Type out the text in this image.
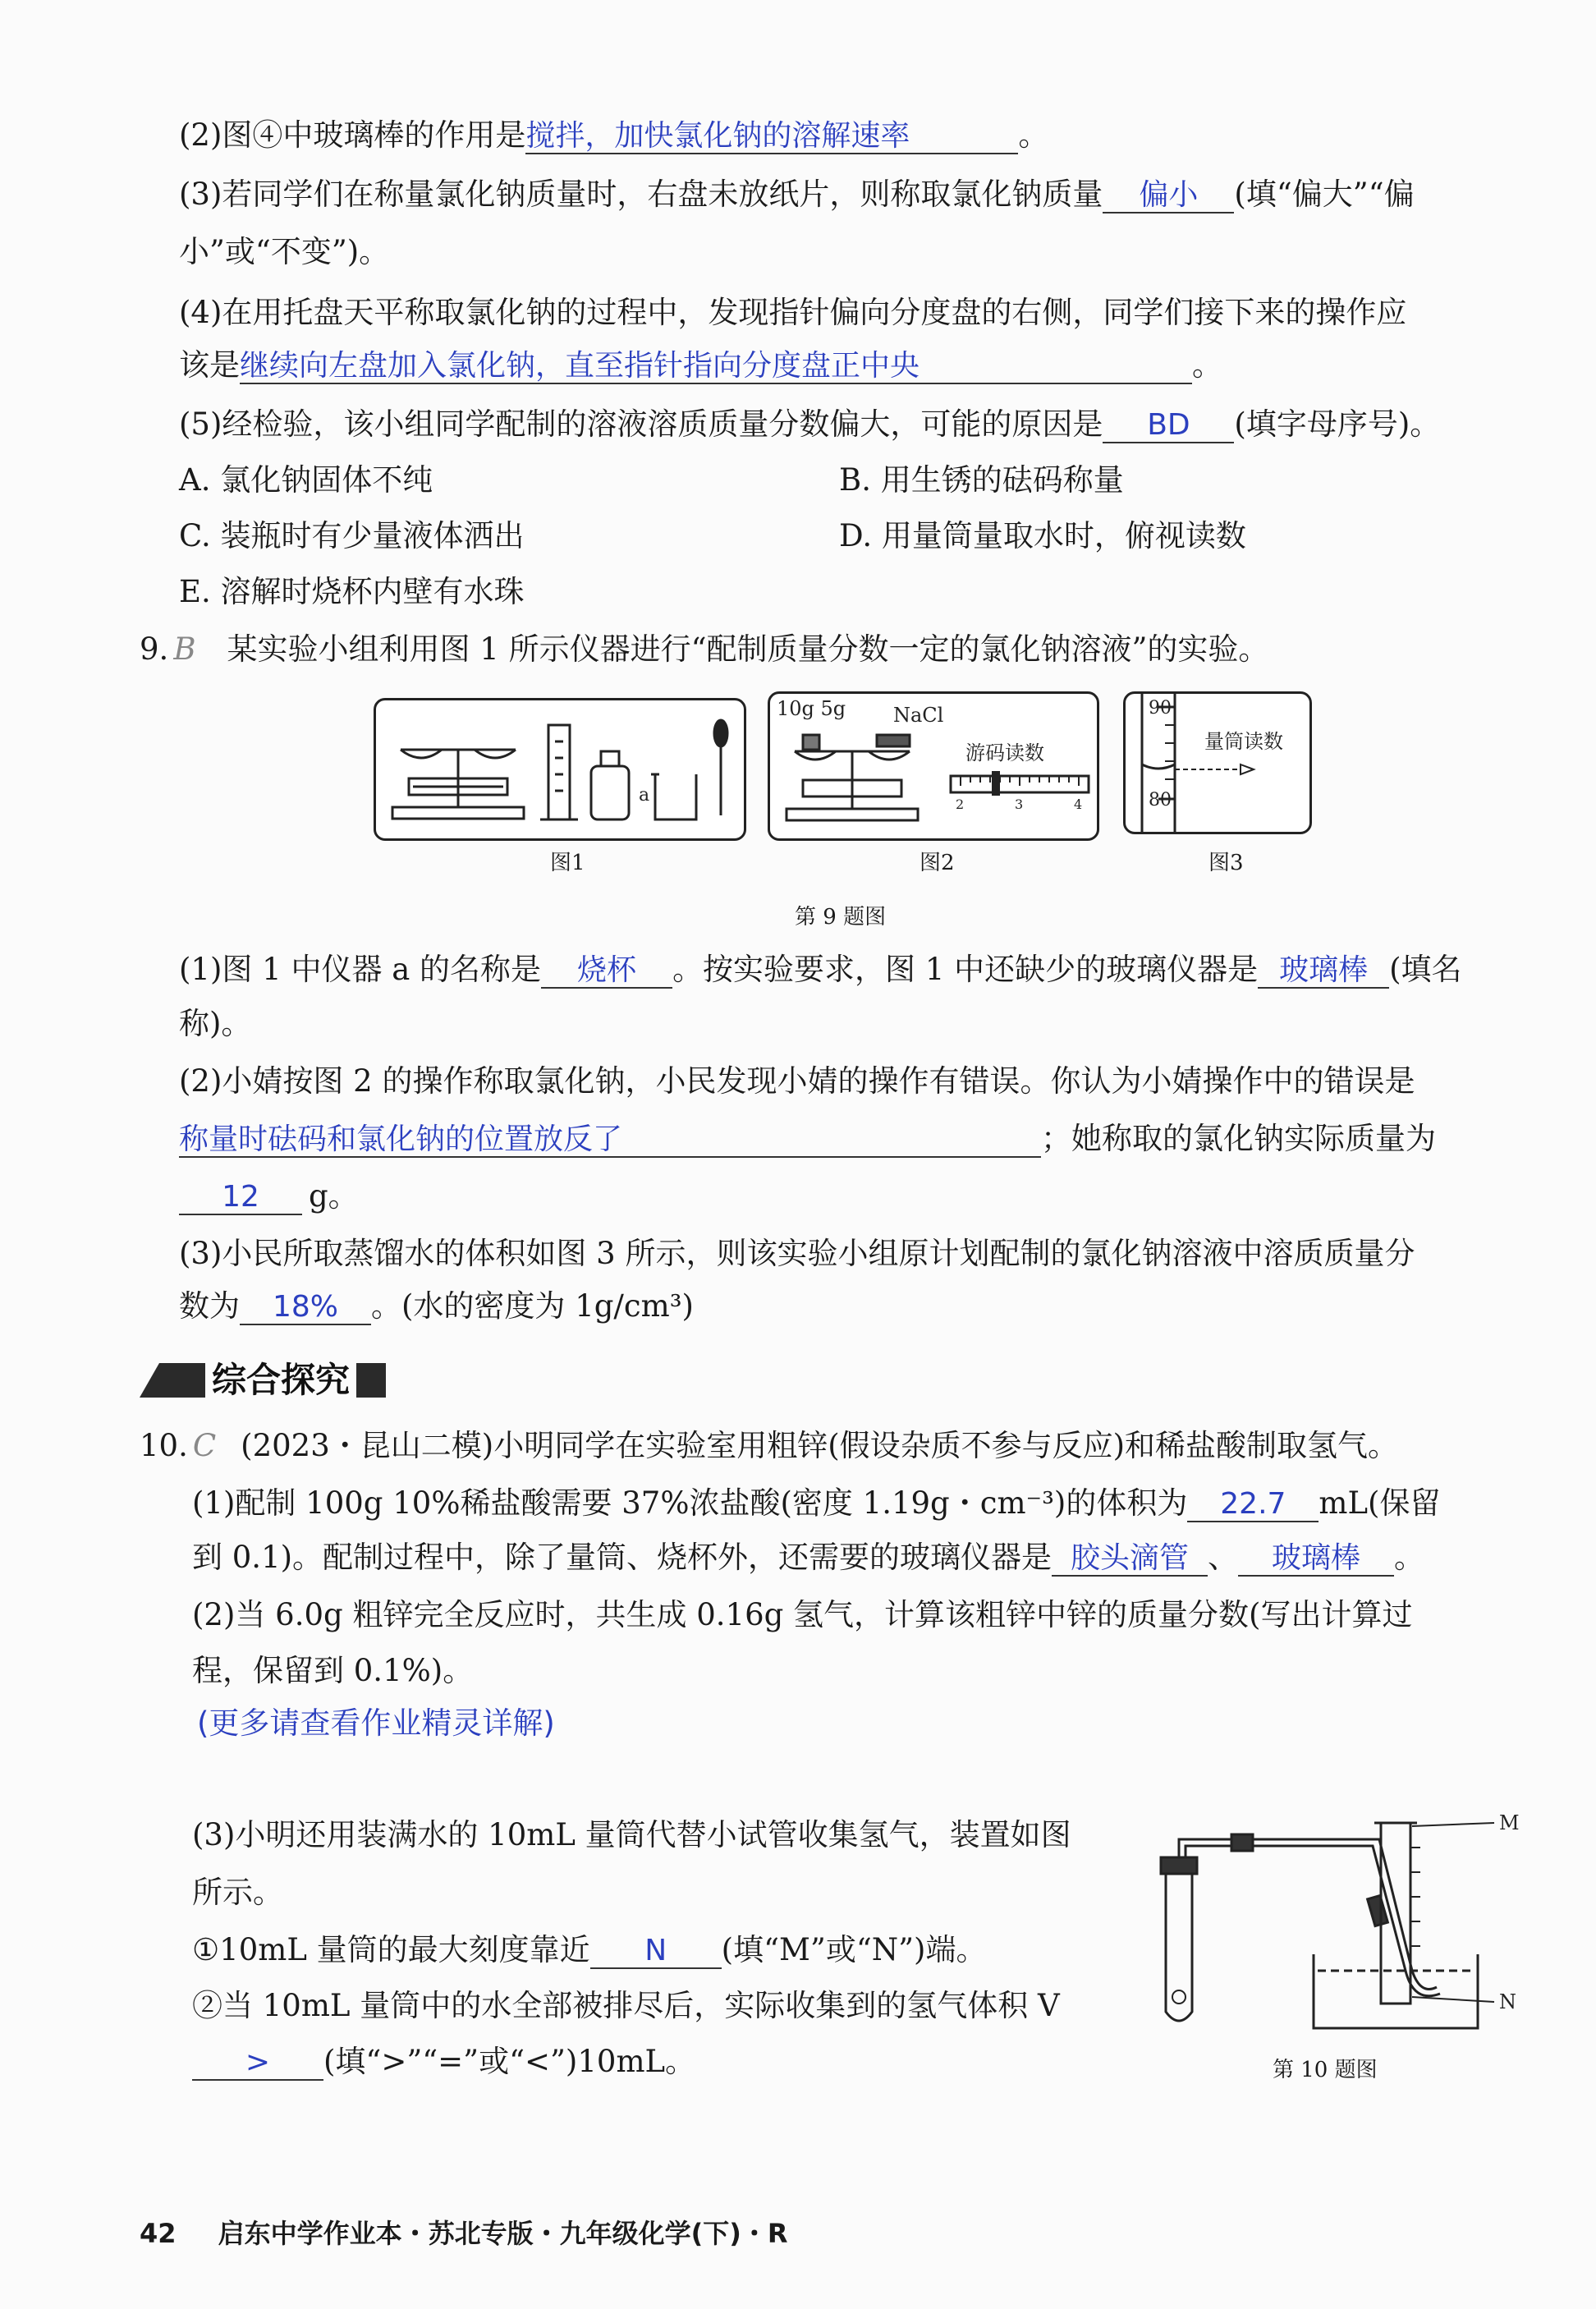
(2)图④中玻璃棒的作用是搅拌，加快氯化钠的溶解速率	。
(3)若同学们在称量氯化钠质量时，右盘未放纸片，则称取氯化钠质量 偏小 (填“偏大”“偏
小”或“不变”)。
(4)在用托盘天平称取氯化钠的过程中，发现指针偏向分度盘的右侧，同学们接下来的操作应
该是继续向左盘加入氯化钠，直至指针指向分度盘正中央	。
(5)经检验，该小组同学配制的溶液溶质质量分数偏大，可能的原因是 BD (填字母序号)。
A. 氯化钠固体不纯	B. 用生锈的砝码称量
C. 装瓶时有少量液体洒出	D. 用量筒量取水时，俯视读数
E. 溶解时烧杯内壁有水珠
9. B 某实验小组利用图 1 所示仪器进行“配制质量分数一定的氯化钠溶液”的实验。
a
图1
10g 5g NaCl
游码读数
2	3	4
图2
90
80
量筒读数
图3
第 9 题图
(1)图 1 中仪器 a 的名称是 烧杯 。按实验要求，图 1 中还缺少的玻璃仪器是 玻璃棒 (填名
称)。
(2)小婧按图 2 的操作称取氯化钠，小民发现小婧的操作有错误。你认为小婧操作中的错误是
称量时砝码和氯化钠的位置放反了	；她称取的氯化钠实际质量为
12 g。
(3)小民所取蒸馏水的体积如图 3 所示，则该实验小组原计划配制的氯化钠溶液中溶质质量分
数为 18% 。(水的密度为 1g/cm³)
综合探究
10. C (2023・昆山二模)小明同学在实验室用粗锌(假设杂质不参与反应)和稀盐酸制取氢气。
(1)配制 100g 10%稀盐酸需要 37%浓盐酸(密度 1.19g・cm⁻³)的体积为 22.7 mL(保留
到 0.1)。配制过程中，除了量筒、烧杯外，还需要的玻璃仪器是 胶头滴管 、 玻璃棒 。
(2)当 6.0g 粗锌完全反应时，共生成 0.16g 氢气，计算该粗锌中锌的质量分数(写出计算过
程，保留到 0.1%)。
(更多请查看作业精灵详解)
(3)小明还用装满水的 10mL 量筒代替小试管收集氢气，装置如图
所示。
①10mL 量筒的最大刻度靠近 N (填“M”或“N”)端。
②当 10mL 量筒中的水全部被排尽后，实际收集到的氢气体积 V
> (填“>”“=”或“<”)10mL。
M
N
第 10 题图
42 启东中学作业本・苏北专版・九年级化学(下)・R
